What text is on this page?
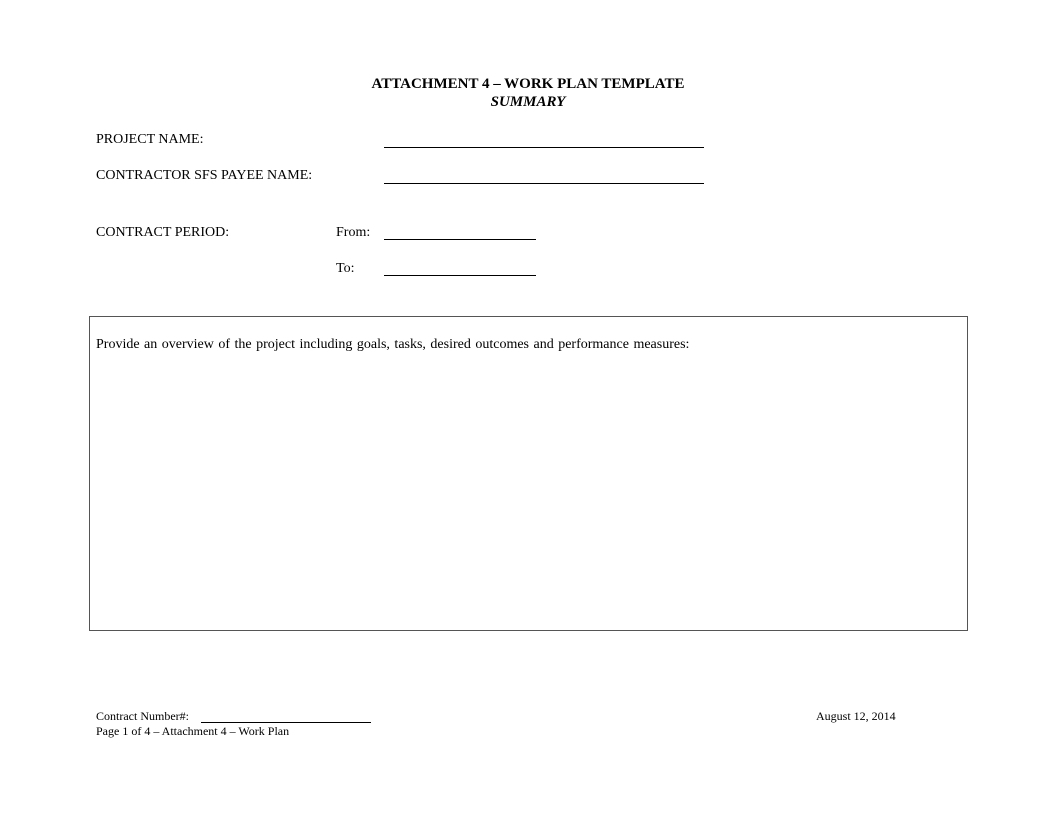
ATTACHMENT 4 – WORK PLAN TEMPLATE
SUMMARY
PROJECT NAME:
CONTRACTOR SFS PAYEE NAME:
CONTRACT PERIOD:	From:
To:
Provide an overview of the project including goals, tasks, desired outcomes and performance measures:
Contract Number#:
Page 1 of 4 – Attachment 4 – Work Plan
August 12, 2014
